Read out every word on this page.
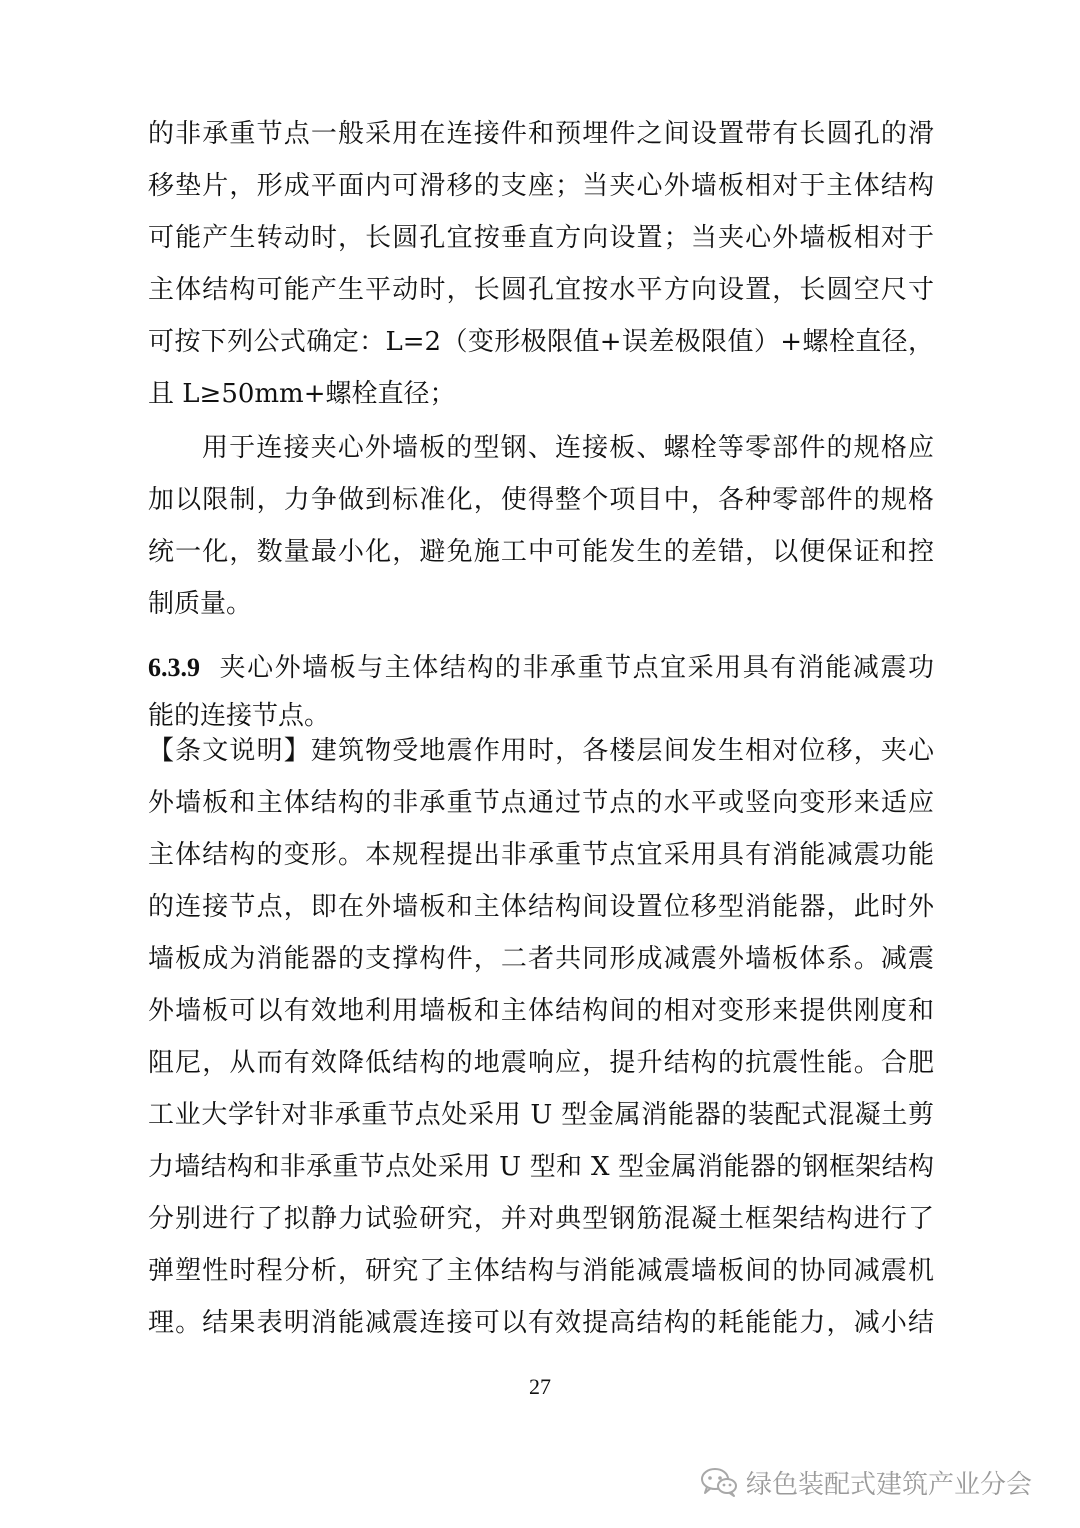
的非承重节点一般采用在连接件和预埋件之间设置带有长圆孔的滑
移垫片，形成平面内可滑移的支座；当夹心外墙板相对于主体结构
可能产生转动时，长圆孔宜按垂直方向设置；当夹心外墙板相对于
主体结构可能产生平动时，长圆孔宜按水平方向设置，长圆空尺寸
可按下列公式确定：L=2（变形极限值+误差极限值）+螺栓直径，
且 L≥50mm+螺栓直径；
用于连接夹心外墙板的型钢、连接板、螺栓等零部件的规格应
加以限制，力争做到标准化，使得整个项目中，各种零部件的规格
统一化，数量最小化，避免施工中可能发生的差错，以便保证和控
制质量。
6.3.9 夹心外墙板与主体结构的非承重节点宜采用具有消能减震功
能的连接节点。
【条文说明】建筑物受地震作用时，各楼层间发生相对位移，夹心
外墙板和主体结构的非承重节点通过节点的水平或竖向变形来适应
主体结构的变形。本规程提出非承重节点宜采用具有消能减震功能
的连接节点，即在外墙板和主体结构间设置位移型消能器，此时外
墙板成为消能器的支撑构件，二者共同形成减震外墙板体系。减震
外墙板可以有效地利用墙板和主体结构间的相对变形来提供刚度和
阻尼，从而有效降低结构的地震响应，提升结构的抗震性能。合肥
工业大学针对非承重节点处采用 U 型金属消能器的装配式混凝土剪
力墙结构和非承重节点处采用 U 型和 X 型金属消能器的钢框架结构
分别进行了拟静力试验研究，并对典型钢筋混凝土框架结构进行了
弹塑性时程分析，研究了主体结构与消能减震墙板间的协同减震机
理。结果表明消能减震连接可以有效提高结构的耗能能力，减小结
27
绿色装配式建筑产业分会
